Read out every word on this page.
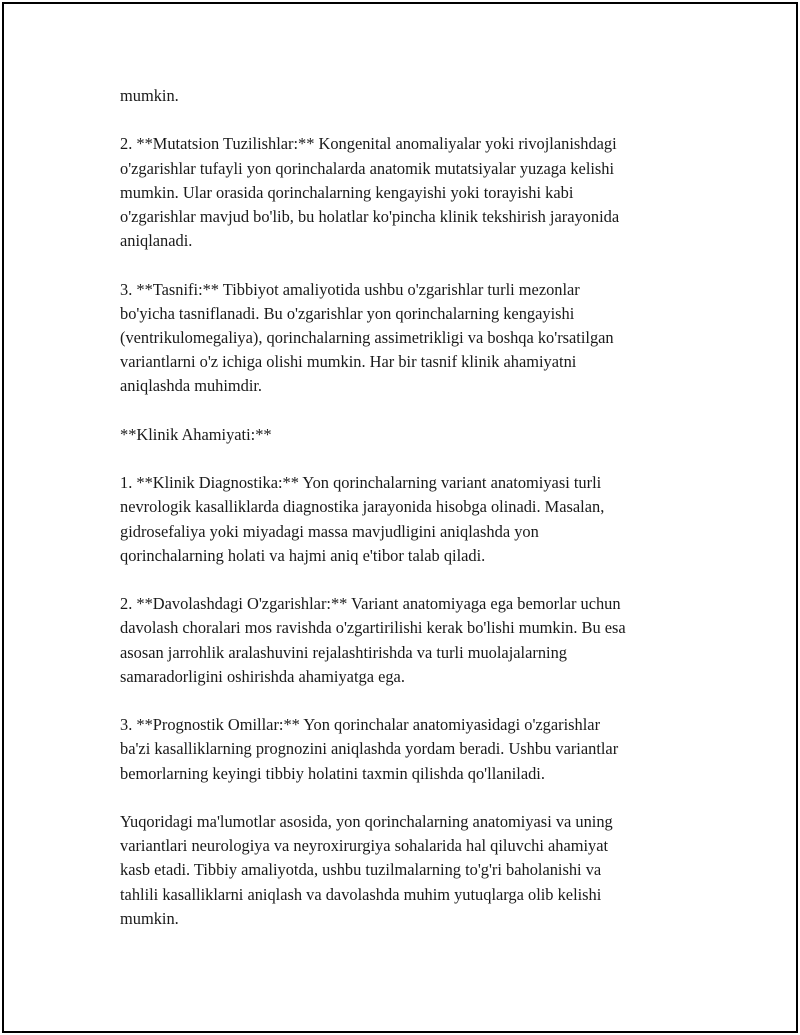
mumkin.

2. **Mutatsion Tuzilishlar:** Kongenital anomaliyalar yoki rivojlanishdagi
o'zgarishlar tufayli yon qorinchalarda anatomik mutatsiyalar yuzaga kelishi
mumkin. Ular orasida qorinchalarning kengayishi yoki torayishi kabi
o'zgarishlar mavjud bo'lib, bu holatlar ko'pincha klinik tekshirish jarayonida
aniqlanadi.

3. **Tasnifi:** Tibbiyot amaliyotida ushbu o'zgarishlar turli mezonlar
bo'yicha tasniflanadi. Bu o'zgarishlar yon qorinchalarning kengayishi
(ventrikulomegaliya), qorinchalarning assimetrikligi va boshqa ko'rsatilgan
variantlarni o'z ichiga olishi mumkin. Har bir tasnif klinik ahamiyatni
aniqlashda muhimdir.

**Klinik Ahamiyati:**

1. **Klinik Diagnostika:** Yon qorinchalarning variant anatomiyasi turli
nevrologik kasalliklarda diagnostika jarayonida hisobga olinadi. Masalan,
gidrosefaliya yoki miyadagi massa mavjudligini aniqlashda yon
qorinchalarning holati va hajmi aniq e'tibor talab qiladi.

2. **Davolashdagi O'zgarishlar:** Variant anatomiyaga ega bemorlar uchun
davolash choralari mos ravishda o'zgartirilishi kerak bo'lishi mumkin. Bu esa
asosan jarrohlik aralashuvini rejalashtirishda va turli muolajalarning
samaradorligini oshirishda ahamiyatga ega.

3. **Prognostik Omillar:** Yon qorinchalar anatomiyasidagi o'zgarishlar
ba'zi kasalliklarning prognozini aniqlashda yordam beradi. Ushbu variantlar
bemorlarning keyingi tibbiy holatini taxmin qilishda qo'llaniladi.

Yuqoridagi ma'lumotlar asosida, yon qorinchalarning anatomiyasi va uning
variantlari neurologiya va neyroxirurgiya sohalarida hal qiluvchi ahamiyat
kasb etadi. Tibbiy amaliyotda, ushbu tuzilmalarning to'g'ri baholanishi va
tahlili kasalliklarni aniqlash va davolashda muhim yutuqlarga olib kelishi
mumkin.
